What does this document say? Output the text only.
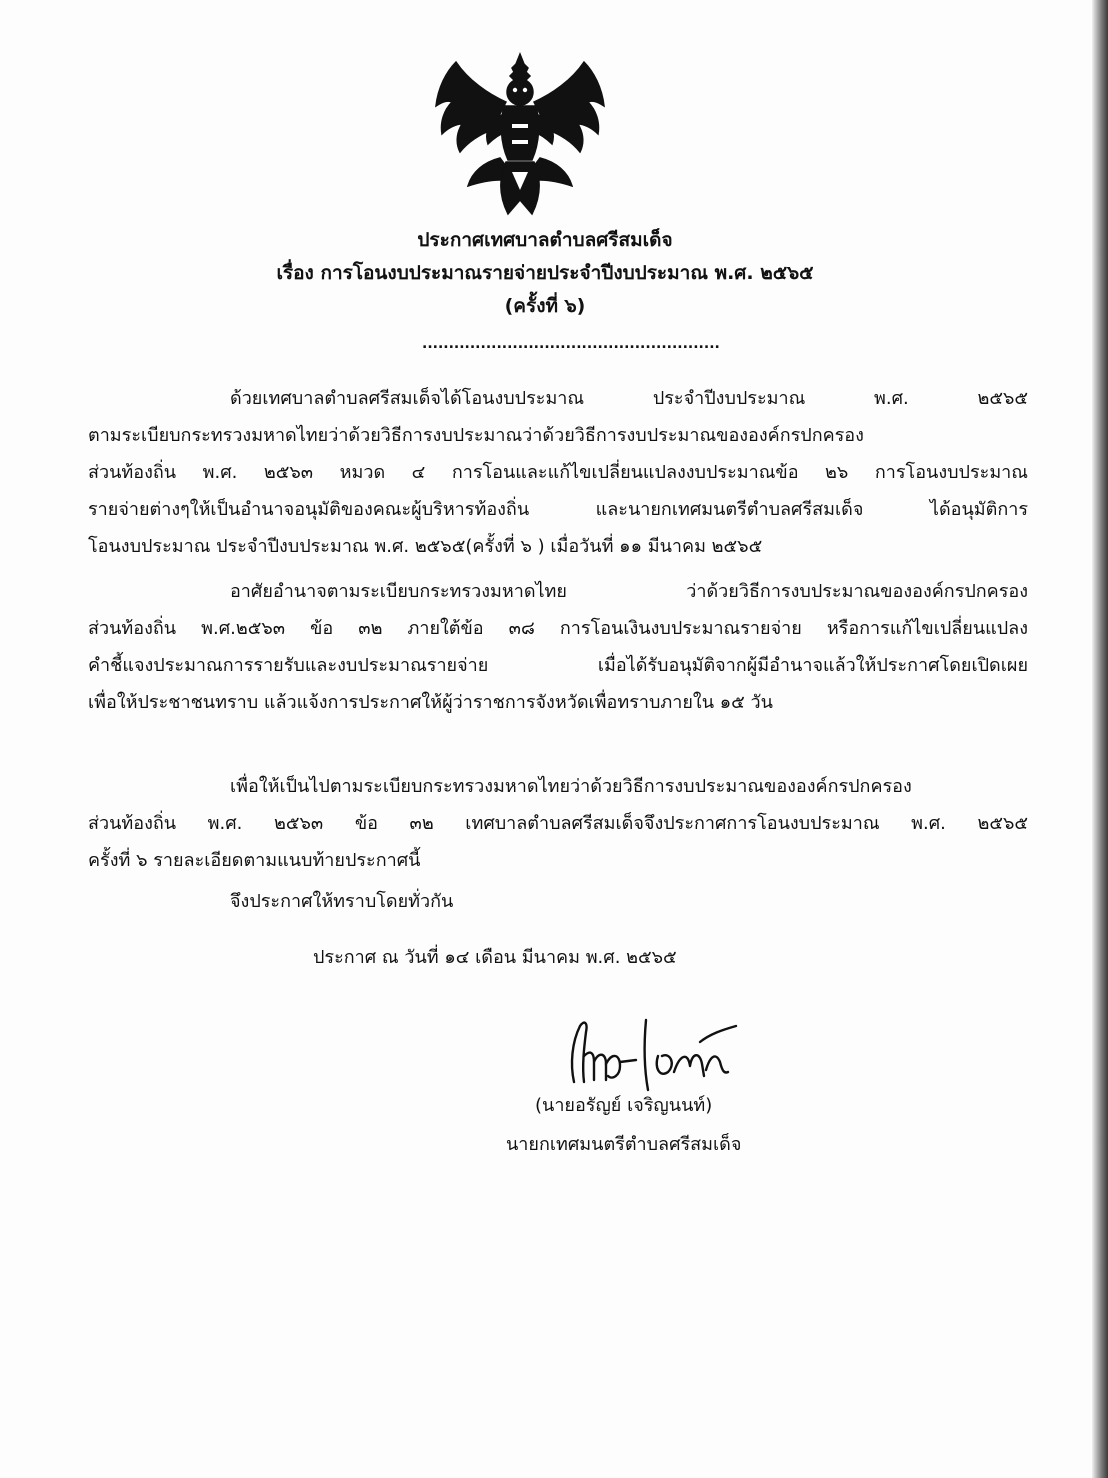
ประกาศเทศบาลตำบลศรีสมเด็จ
เรื่อง การโอนงบประมาณรายจ่ายประจำปีงบประมาณ พ.ศ. ๒๕๖๕
(ครั้งที่ ๖)
........................................................
ด้วยเทศบาลตำบลศรีสมเด็จได้โอนงบประมาณ ประจำปีงบประมาณ พ.ศ. ๒๕๖๕
ตามระเบียบกระทรวงมหาดไทยว่าด้วยวิธีการงบประมาณว่าด้วยวิธีการงบประมาณขององค์กรปกครอง
ส่วนท้องถิ่น พ.ศ. ๒๕๖๓ หมวด ๔ การโอนและแก้ไขเปลี่ยนแปลงงบประมาณข้อ ๒๖ การโอนงบประมาณ
รายจ่ายต่างๆให้เป็นอำนาจอนุมัติของคณะผู้บริหารท้องถิ่น และนายกเทศมนตรีตำบลศรีสมเด็จ ได้อนุมัติการ
โอนงบประมาณ ประจำปีงบประมาณ พ.ศ. ๒๕๖๕(ครั้งที่ ๖ ) เมื่อวันที่ ๑๑ มีนาคม ๒๕๖๕
อาศัยอำนาจตามระเบียบกระทรวงมหาดไทย ว่าด้วยวิธีการงบประมาณขององค์กรปกครอง
ส่วนท้องถิ่น พ.ศ.๒๕๖๓ ข้อ ๓๒ ภายใต้ข้อ ๓๘ การโอนเงินงบประมาณรายจ่าย หรือการแก้ไขเปลี่ยนแปลง
คำชี้แจงประมาณการรายรับและงบประมาณรายจ่าย เมื่อได้รับอนุมัติจากผู้มีอำนาจแล้วให้ประกาศโดยเปิดเผย
เพื่อให้ประชาชนทราบ แล้วแจ้งการประกาศให้ผู้ว่าราชการจังหวัดเพื่อทราบภายใน ๑๕ วัน
เพื่อให้เป็นไปตามระเบียบกระทรวงมหาดไทยว่าด้วยวิธีการงบประมาณขององค์กรปกครอง
ส่วนท้องถิ่น พ.ศ. ๒๕๖๓ ข้อ ๓๒ เทศบาลตำบลศรีสมเด็จจึงประกาศการโอนงบประมาณ พ.ศ. ๒๕๖๕
ครั้งที่ ๖ รายละเอียดตามแนบท้ายประกาศนี้
จึงประกาศให้ทราบโดยทั่วกัน
ประกาศ ณ วันที่ ๑๔ เดือน มีนาคม พ.ศ. ๒๕๖๕
(นายอรัญย์ เจริญนนท์)
นายกเทศมนตรีตำบลศรีสมเด็จ
